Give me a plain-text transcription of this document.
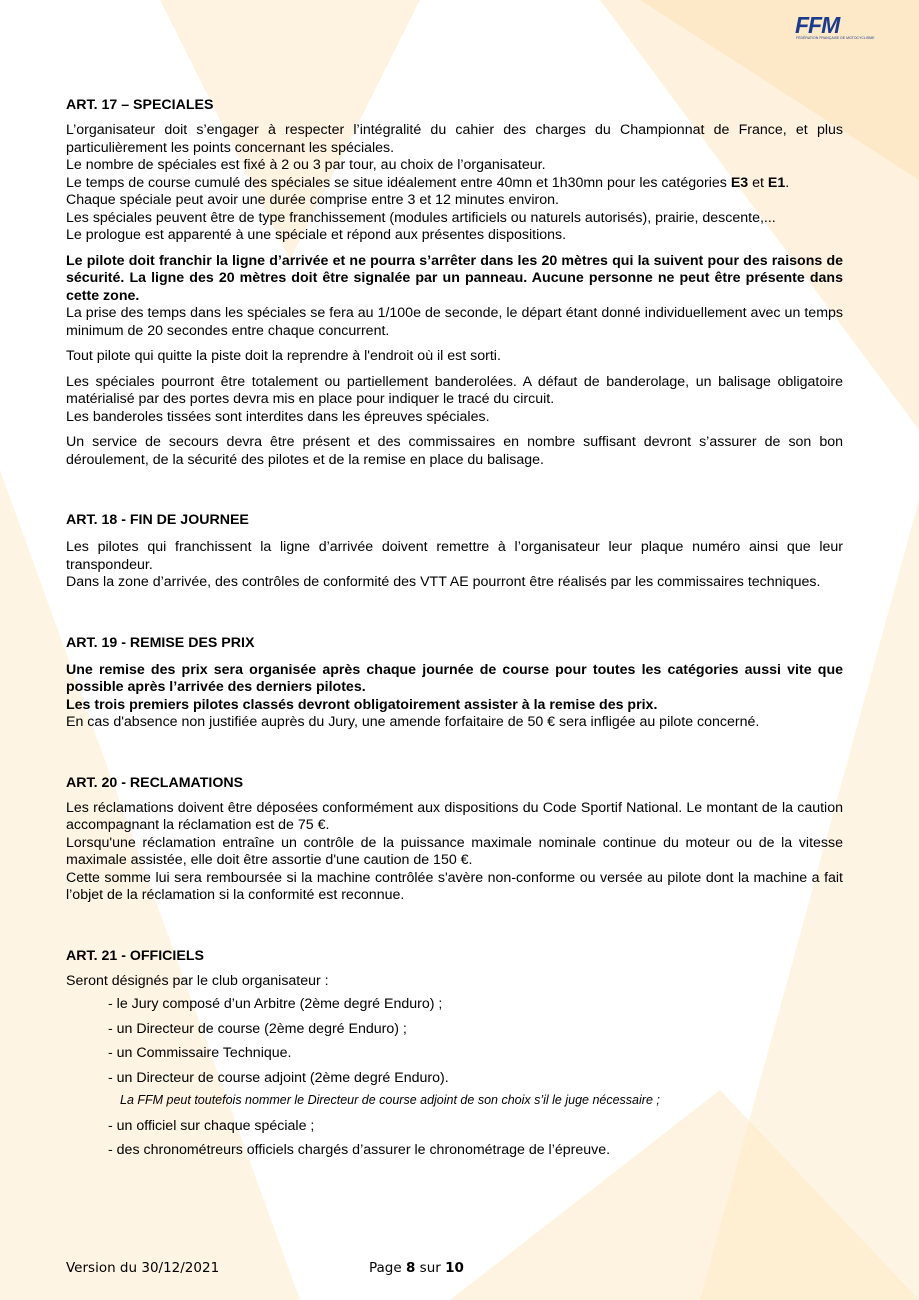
FFM
FÉDÉRATION FRANÇAISE DE MOTOCYCLISME
ART. 17 – SPECIALES

L’organisateur doit s’engager à respecter l’intégralité du cahier des charges du Championnat de France, et plus particulièrement les points concernant les spéciales.

Le nombre de spéciales est fixé à 2 ou 3 par tour, au choix de l’organisateur.

Le temps de course cumulé des spéciales se situe idéalement entre 40mn et 1h30mn pour les catégories E3 et E1.

Chaque spéciale peut avoir une durée comprise entre 3 et 12 minutes environ.

Les spéciales peuvent être de type franchissement (modules artificiels ou naturels autorisés), prairie, descente,...

Le prologue est apparenté à une spéciale et répond aux présentes dispositions.

Le pilote doit franchir la ligne d’arrivée et ne pourra s’arrêter dans les 20 mètres qui la suivent pour des raisons de sécurité. La ligne des 20 mètres doit être signalée par un panneau. Aucune personne ne peut être présente dans cette zone.

La prise des temps dans les spéciales se fera au 1/100e de seconde, le départ étant donné individuellement avec un temps minimum de 20 secondes entre chaque concurrent.

Tout pilote qui quitte la piste doit la reprendre à l'endroit où il est sorti.

Les spéciales pourront être totalement ou partiellement banderolées. A défaut de banderolage, un balisage obligatoire matérialisé par des portes devra mis en place pour indiquer le tracé du circuit.

Les banderoles tissées sont interdites dans les épreuves spéciales.

Un service de secours devra être présent et des commissaires en nombre suffisant devront s’assurer de son bon déroulement, de la sécurité des pilotes et de la remise en place du balisage.

ART. 18 - FIN DE JOURNEE

Les pilotes qui franchissent la ligne d’arrivée doivent remettre à l’organisateur leur plaque numéro ainsi que leur transpondeur.

Dans la zone d’arrivée, des contrôles de conformité des VTT AE pourront être réalisés par les commissaires techniques.

ART. 19 - REMISE DES PRIX

Une remise des prix sera organisée après chaque journée de course pour toutes les catégories aussi vite que possible après l’arrivée des derniers pilotes.

Les trois premiers pilotes classés devront obligatoirement assister à la remise des prix.

En cas d'absence non justifiée auprès du Jury, une amende forfaitaire de 50 € sera infligée au pilote concerné.

ART. 20 - RECLAMATIONS

Les réclamations doivent être déposées conformément aux dispositions du Code Sportif National. Le montant de la caution accompagnant la réclamation est de 75 €.

Lorsqu'une réclamation entraîne un contrôle de la puissance maximale nominale continue du moteur ou de la vitesse maximale assistée, elle doit être assortie d'une caution de 150 €.

Cette somme lui sera remboursée si la machine contrôlée s'avère non-conforme ou versée au pilote dont la machine a fait l’objet de la réclamation si la conformité est reconnue.

ART. 21 - OFFICIELS

Seront désignés par le club organisateur :

- le Jury composé d’un Arbitre (2ème degré Enduro) ;
- un Directeur de course (2ème degré Enduro) ;
- un Commissaire Technique.
- un Directeur de course adjoint (2ème degré Enduro).
La FFM peut toutefois nommer le Directeur de course adjoint de son choix s’il le juge nécessaire ;
- un officiel sur chaque spéciale ;
- des chronométreurs officiels chargés d’assurer le chronométrage de l’épreuve.
Version du 30/12/2021	Page 8 sur 10
